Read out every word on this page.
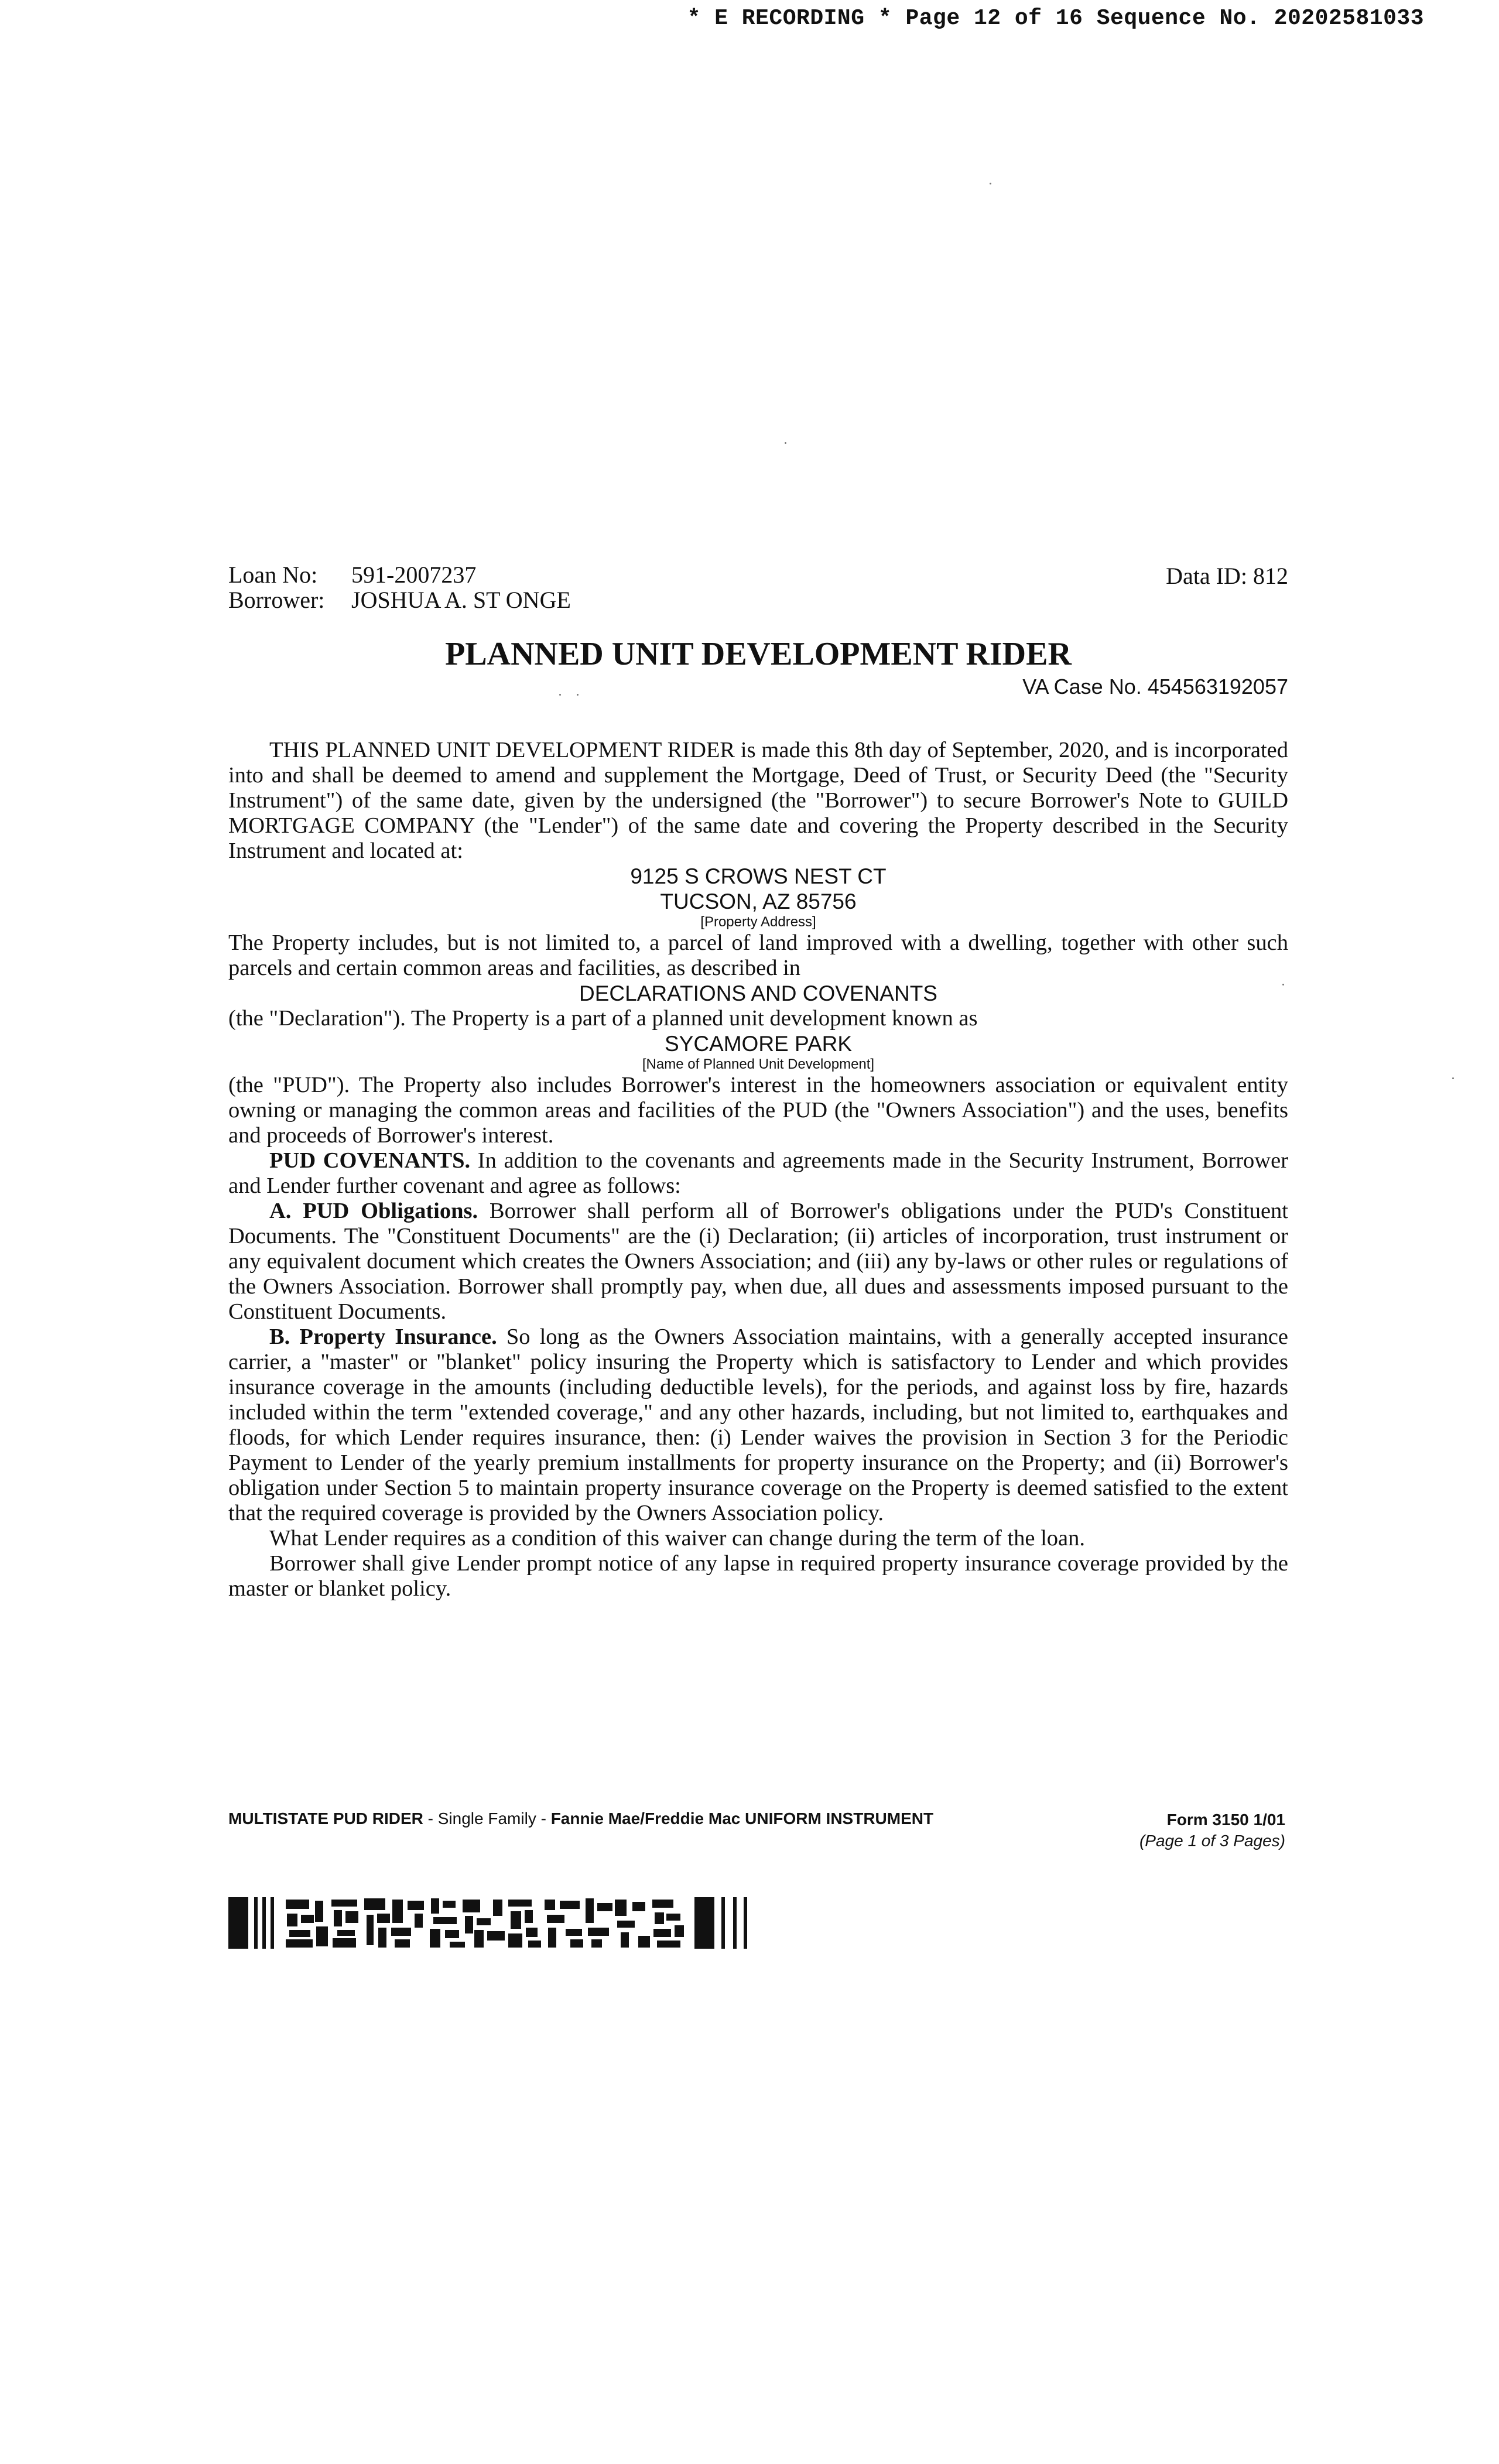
* E RECORDING * Page 12 of 16 Sequence No. 20202581033
Loan No:	591-2007237
Borrower:	JOSHUA A. ST ONGE
Data ID: 812
PLANNED UNIT DEVELOPMENT RIDER
VA Case No. 454563192057

THIS PLANNED UNIT DEVELOPMENT RIDER is made this 8th day of September, 2020, and is incorporated into and shall be deemed to amend and supplement the Mortgage, Deed of Trust, or Security Deed (the "Security Instrument") of the same date, given by the undersigned (the "Borrower") to secure Borrower's Note to GUILD MORTGAGE COMPANY (the "Lender") of the same date and covering the Property described in the Security Instrument and located at:

9125 S CROWS NEST CT
TUCSON, AZ 85756
[Property Address]

The Property includes, but is not limited to, a parcel of land improved with a dwelling, together with other such parcels and certain common areas and facilities, as described in

DECLARATIONS AND COVENANTS

(the "Declaration"). The Property is a part of a planned unit development known as

SYCAMORE PARK
[Name of Planned Unit Development]

(the "PUD"). The Property also includes Borrower's interest in the homeowners association or equivalent entity owning or managing the common areas and facilities of the PUD (the "Owners Association") and the uses, benefits and proceeds of Borrower's interest.

PUD COVENANTS. In addition to the covenants and agreements made in the Security Instrument, Borrower and Lender further covenant and agree as follows:

A. PUD Obligations. Borrower shall perform all of Borrower's obligations under the PUD's Constituent Documents. The "Constituent Documents" are the (i) Declaration; (ii) articles of incorporation, trust instrument or any equivalent document which creates the Owners Association; and (iii) any by-laws or other rules or regulations of the Owners Association. Borrower shall promptly pay, when due, all dues and assessments imposed pursuant to the Constituent Documents.

B. Property Insurance. So long as the Owners Association maintains, with a generally accepted insurance carrier, a "master" or "blanket" policy insuring the Property which is satisfactory to Lender and which provides insurance coverage in the amounts (including deductible levels), for the periods, and against loss by fire, hazards included within the term "extended coverage," and any other hazards, including, but not limited to, earthquakes and floods, for which Lender requires insurance, then: (i) Lender waives the provision in Section 3 for the Periodic Payment to Lender of the yearly premium installments for property insurance on the Property; and (ii) Borrower's obligation under Section 5 to maintain property insurance coverage on the Property is deemed satisfied to the extent that the required coverage is provided by the Owners Association policy.

What Lender requires as a condition of this waiver can change during the term of the loan.

Borrower shall give Lender prompt notice of any lapse in required property insurance coverage provided by the master or blanket policy.

MULTISTATE PUD RIDER - Single Family - Fannie Mae/Freddie Mac UNIFORM INSTRUMENT	Form 3150 1/01
(Page 1 of 3 Pages)
